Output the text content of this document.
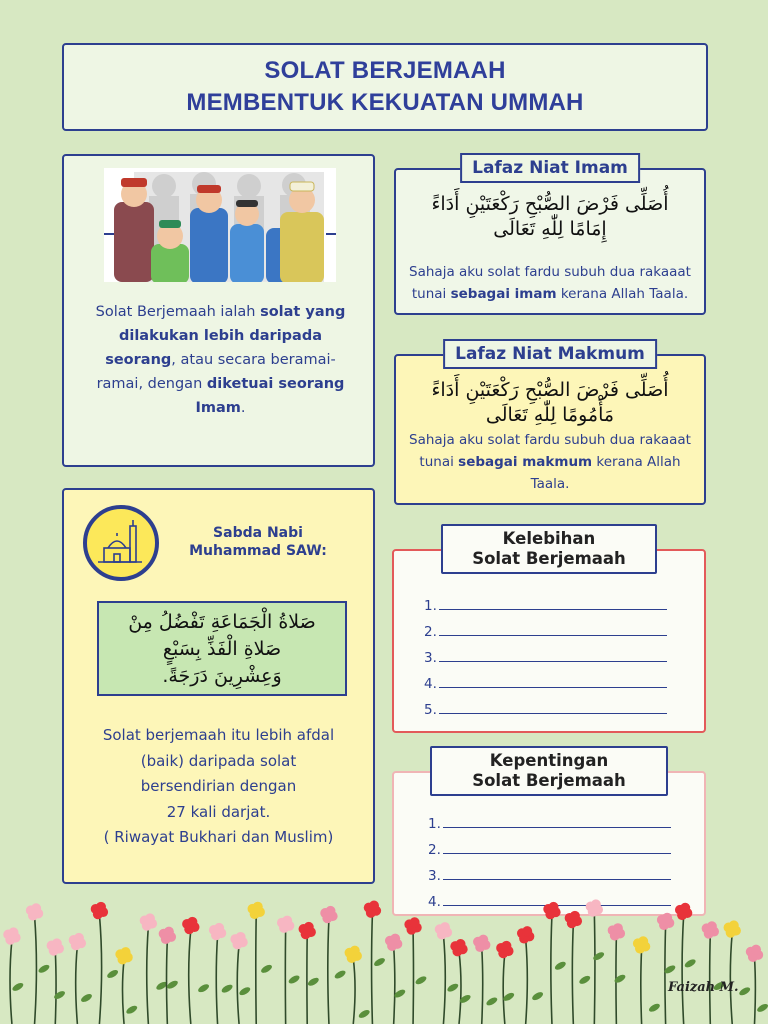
SOLAT BERJEMAAH
MEMBENTUK KEKUATAN UMMAH

Solat Berjemaah ialah solat yang dilakukan lebih daripada seorang, atau secara beramai-ramai, dengan diketuai seorang Imam.

Lafaz Niat Imam
أُصَلِّى فَرْضَ الصُّبْحِ رَكْعَتَيْنِ أَدَاءً
إِمَامًا لِلّٰهِ تَعَالَى

Sahaja aku solat fardu subuh dua rakaaat tunai sebagai imam kerana Allah Taala.

Lafaz Niat Makmum
أُصَلِّى فَرْضَ الصُّبْحِ رَكْعَتَيْنِ أَدَاءً
مَأْمُومًا لِلّٰهِ تَعَالَى

Sahaja aku solat fardu subuh dua rakaaat tunai sebagai makmum kerana Allah Taala.

Sabda Nabi
Muhammad SAW:
صَلاةُ الْجَمَاعَةِ تَفْضُلُ مِنْ
صَلاةِ الْفَذِّ بِسَبْعٍ
وَعِشْرِينَ دَرَجَةً.
Solat berjemaah itu lebih afdal
(baik) daripada solat
bersendirian dengan
27 kali darjat.
( Riwayat Bukhari dan Muslim)
Kelebihan
Solat Berjemaah
1.
2.
3.
4.
5.
Kepentingan
Solat Berjemaah
1.
2.
3.
4.
Faizah M.
